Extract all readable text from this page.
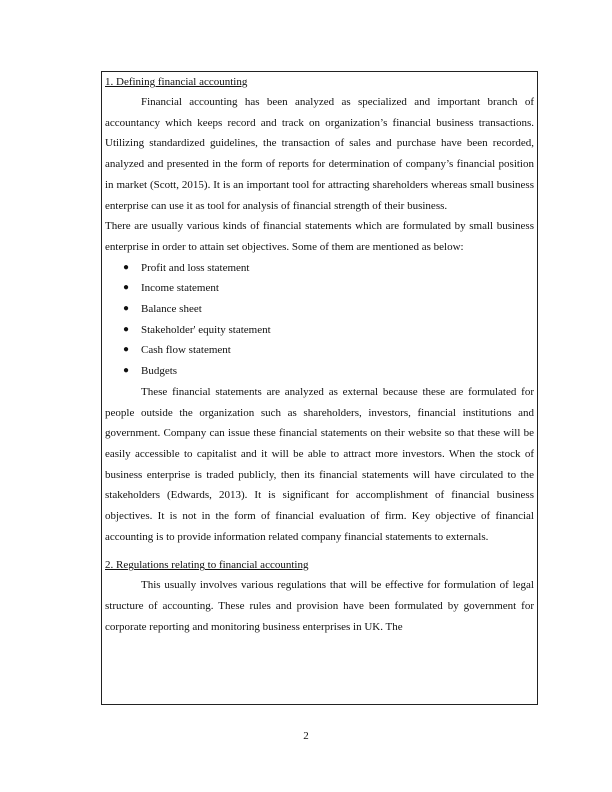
1. Defining financial accounting

Financial accounting has been analyzed as specialized and important branch of accountancy which keeps record and track on organization’s financial business transactions. Utilizing standardized guidelines, the transaction of sales and purchase have been recorded, analyzed and presented in the form of reports for determination of company’s financial position in market (Scott, 2015). It is an important tool for attracting shareholders whereas small business enterprise can use it as tool for analysis of financial strength of their business.

There are usually various kinds of financial statements which are formulated by small business enterprise in order to attain set objectives. Some of them are mentioned as below:

● Profit and loss statement
● Income statement
● Balance sheet
● Stakeholder' equity statement
● Cash flow statement
● Budgets

These financial statements are analyzed as external because these are formulated for people outside the organization such as shareholders, investors, financial institutions and government. Company can issue these financial statements on their website so that these will be easily accessible to capitalist and it will be able to attract more investors. When the stock of business enterprise is traded publicly, then its financial statements will have circulated to the stakeholders (Edwards, 2013). It is significant for accomplishment of financial business objectives. It is not in the form of financial evaluation of firm. Key objective of financial accounting is to provide information related company financial statements to externals.

2. Regulations relating to financial accounting

This usually involves various regulations that will be effective for formulation of legal structure of accounting. These rules and provision have been formulated by government for corporate reporting and monitoring business enterprises in UK. The

2
